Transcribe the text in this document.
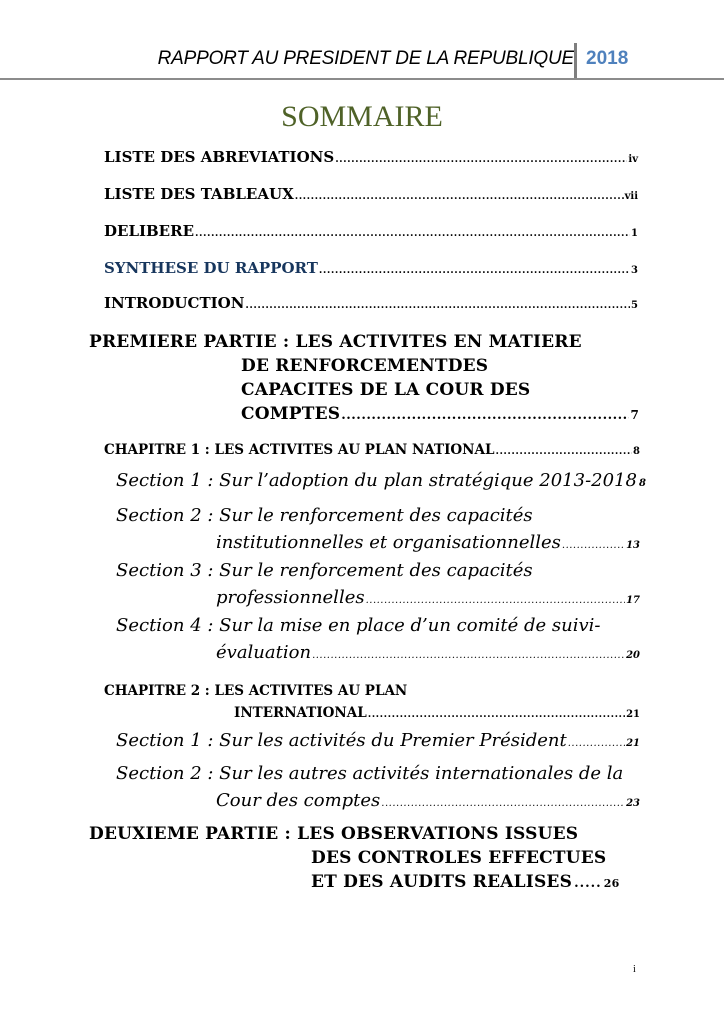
RAPPORT AU PRESIDENT DE LA REPUBLIQUE 2018
SOMMAIRE
LISTE DES ABREVIATIONS .....	iv
LISTE DES TABLEAUX .....	vii
DELIBERE .....	1
SYNTHESE DU RAPPORT .....	3
INTRODUCTION .....	5
PREMIERE PARTIE : LES ACTIVITES EN MATIERE
DE RENFORCEMENTDES
CAPACITES DE LA COUR DES
COMPTES .....	7
CHAPITRE 1 : LES ACTIVITES AU PLAN NATIONAL .....	8
Section 1 : Sur l’adoption du plan stratégique 2013-2018 8
Section 2 : Sur le renforcement des capacités
institutionnelles et organisationnelles .....	13
Section 3 : Sur le renforcement des capacités
professionnelles .....	17
Section 4 : Sur la mise en place d’un comité de suivi-
évaluation .....	20
CHAPITRE 2 : LES ACTIVITES AU PLAN
INTERNATIONAL .....	21
Section 1 : Sur les activités du Premier Président .....	21
Section 2 : Sur les autres activités internationales de la
Cour des comptes .....	23
DEUXIEME PARTIE : LES OBSERVATIONS ISSUES
DES CONTROLES EFFECTUES
ET DES AUDITS REALISES ..... 26
i
